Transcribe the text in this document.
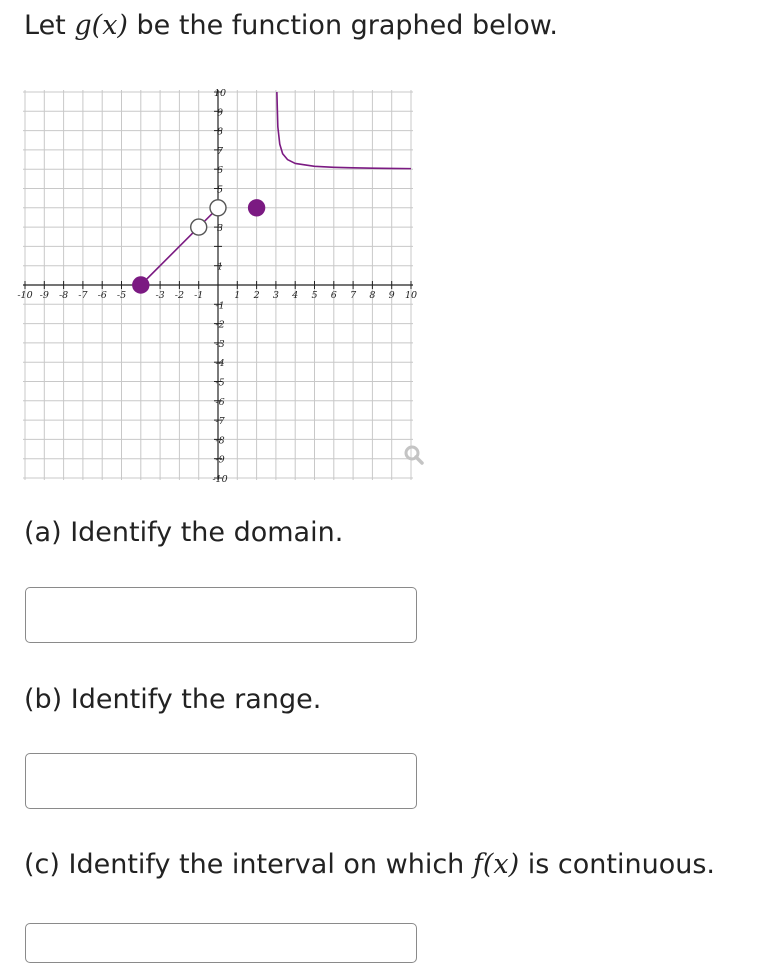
Let g(x) be the function graphed below.
-10 -9 -8 -7 -6 -5	-3 -2 -1	1 2 3 4 5 6 7 8 9 10
10
9
8
7
6
5
3
1
-1
-2
-3
-4
-5
-6
-7
-8
-9
-10
(a) Identify the domain.
(b) Identify the range.
(c) Identify the interval on which f(x) is continuous.
